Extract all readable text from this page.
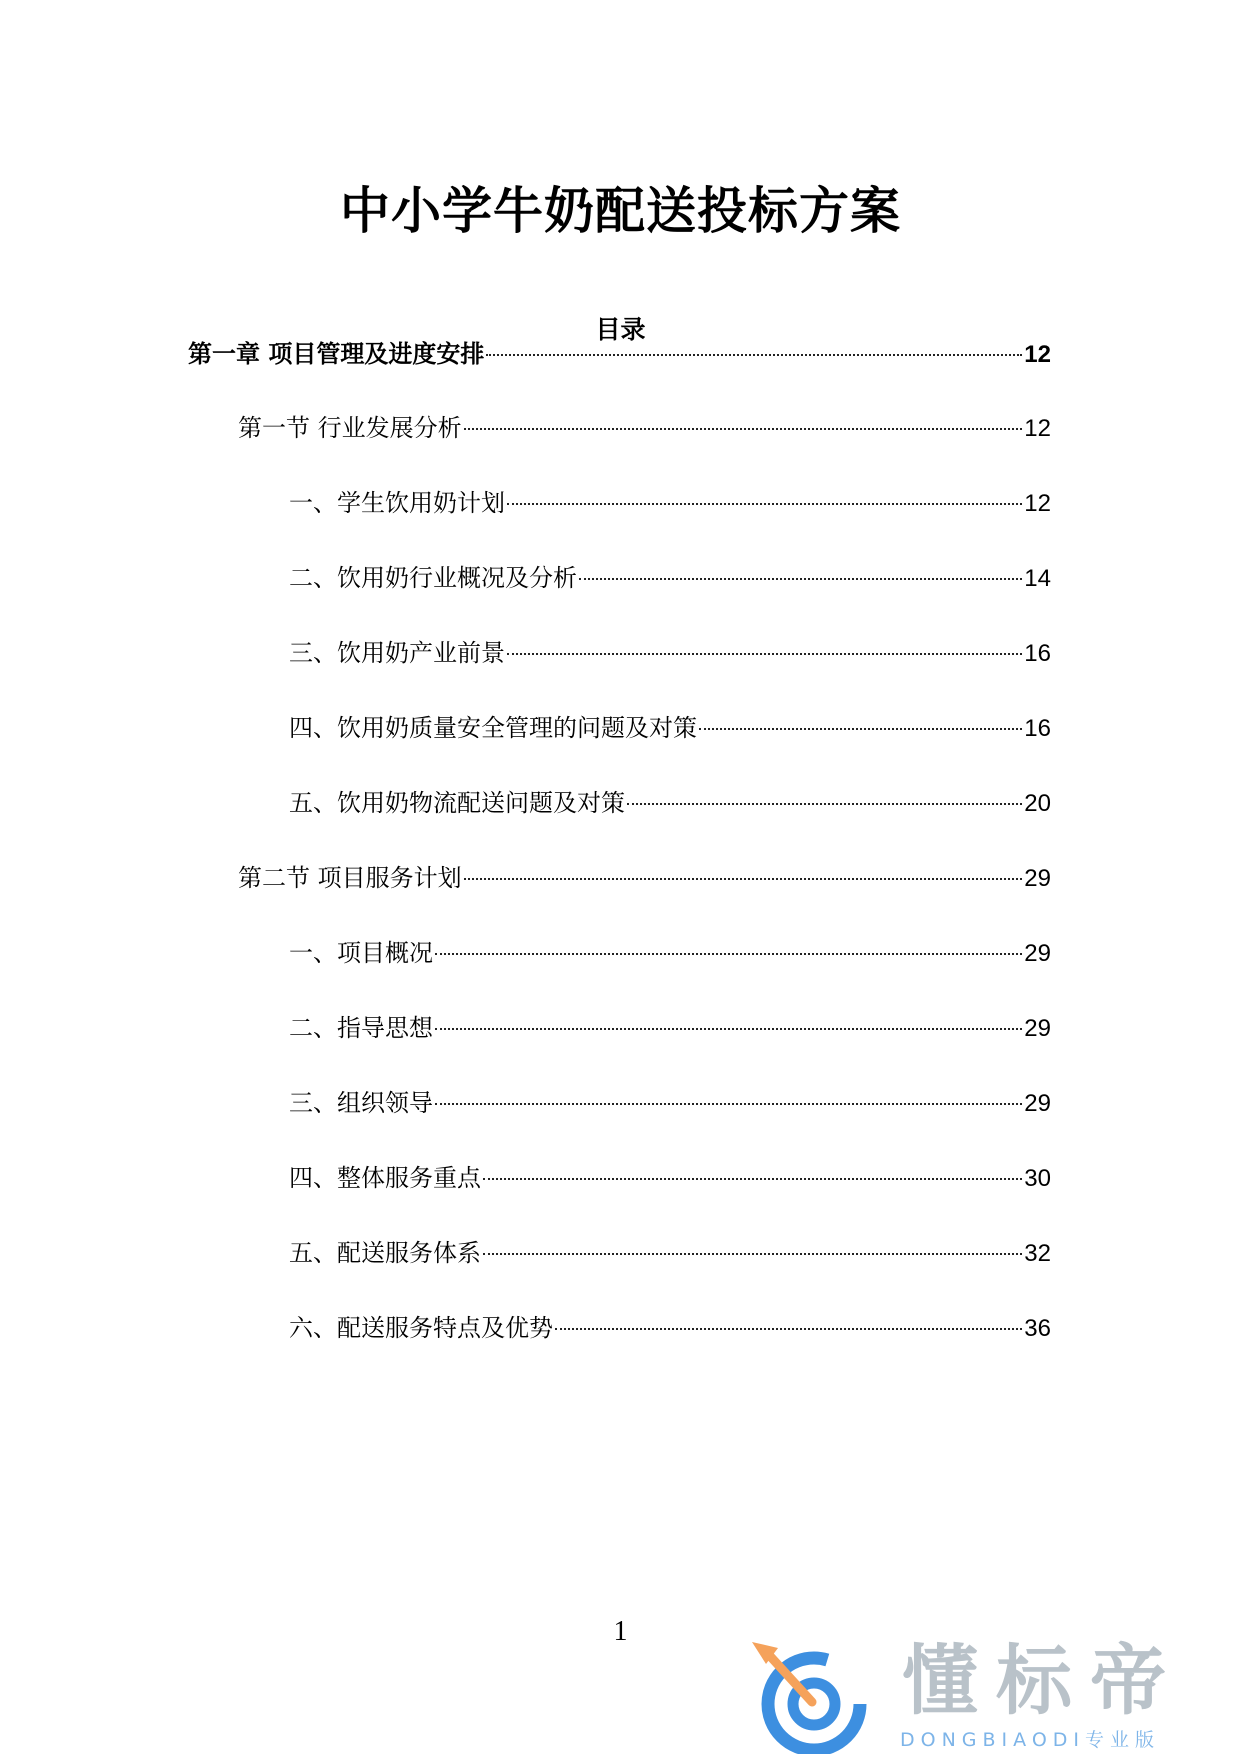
中小学牛奶配送投标方案
目录
第一章 项目管理及进度安排	12
第一节 行业发展分析	12
一、学生饮用奶计划	12
二、饮用奶行业概况及分析	14
三、饮用奶产业前景	16
四、饮用奶质量安全管理的问题及对策	16
五、饮用奶物流配送问题及对策	20
第二节 项目服务计划	29
一、项目概况	29
二、指导思想	29
三、组织领导	29
四、整体服务重点	30
五、配送服务体系	32
六、配送服务特点及优势	36
1
懂标帝
DONGBIAODI专业版
